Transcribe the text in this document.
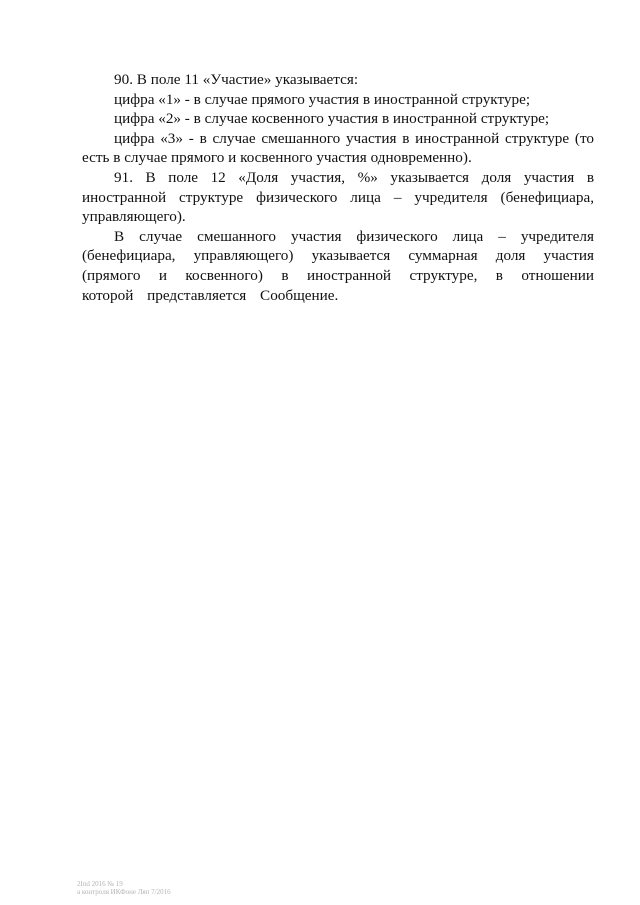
90. В поле 11 «Участие» указывается:

цифра «1» - в случае прямого участия в иностранной структуре;

цифра «2» - в случае косвенного участия в иностранной структуре;

цифра «3» - в случае смешанного участия в иностранной структуре (то есть в случае прямого и косвенного участия одновременно).

91. В поле 12 «Доля участия, %» указывается доля участия в иностранной структуре физического лица – учредителя (бенефициара, управляющего).

В случае смешанного участия физического лица – учредителя (бенефициара, управляющего) указывается суммарная доля участия (прямого и косвенного) в иностранной структуре, в отношении которой представляется Сообщение.

2Ind 2016 № 19
а контроля ИКФоне Ляп 7/2016
